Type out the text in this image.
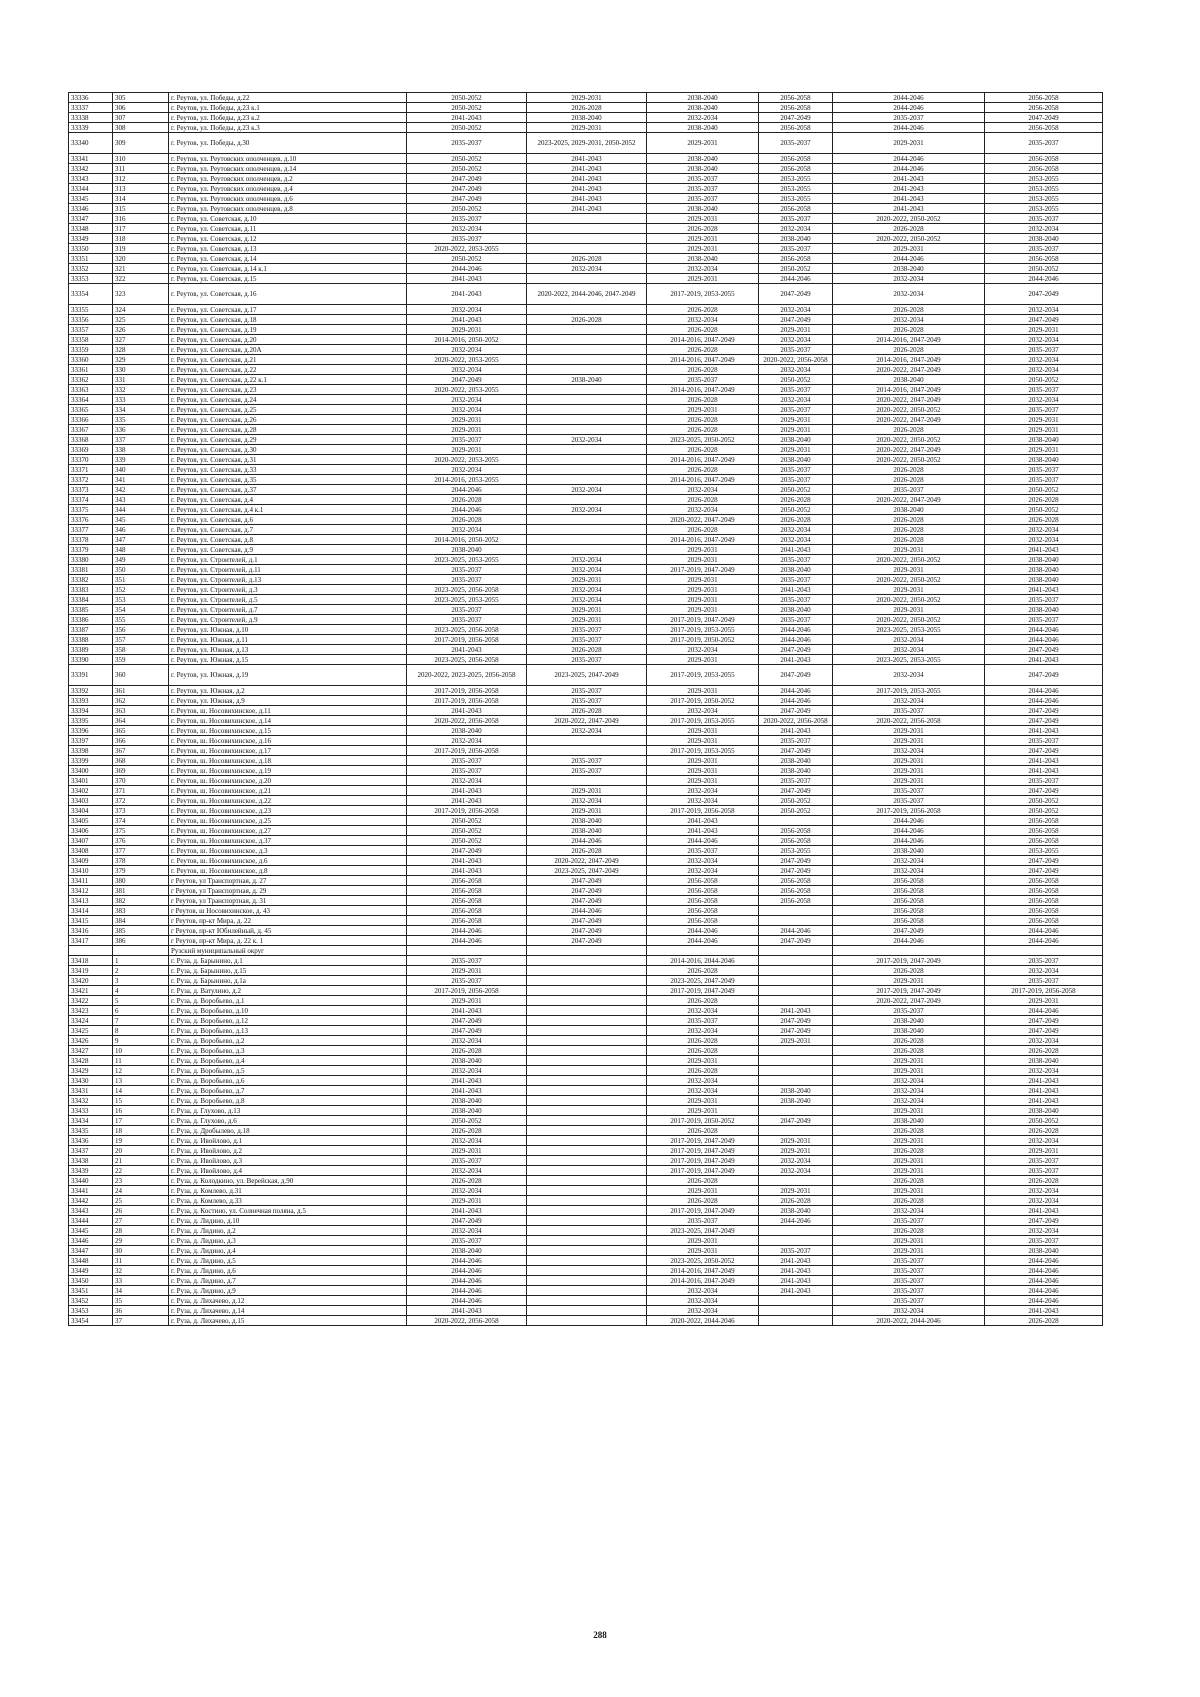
33336	305	г. Реутов, ул. Победы, д.22	2050-2052	2029-2031	2038-2040	2056-2058	2044-2046	2056-2058
33337	306	г. Реутов, ул. Победы, д.23 к.1	2050-2052	2026-2028	2038-2040	2056-2058	2044-2046	2056-2058
33338	307	г. Реутов, ул. Победы, д.23 к.2	2041-2043	2038-2040	2032-2034	2047-2049	2035-2037	2047-2049
33339	308	г. Реутов, ул. Победы, д.23 к.3	2050-2052	2029-2031	2038-2040	2056-2058	2044-2046	2056-2058
33340	309	г. Реутов, ул. Победы, д.30	2035-2037	2023-2025, 2029-2031, 2050-2052	2029-2031	2035-2037	2029-2031	2035-2037
33341	310	г. Реутов, ул. Реутовских ополченцев, д.10	2050-2052	2041-2043	2038-2040	2056-2058	2044-2046	2056-2058
33342	311	г. Реутов, ул. Реутовских ополченцев, д.14	2050-2052	2041-2043	2038-2040	2056-2058	2044-2046	2056-2058
33343	312	г. Реутов, ул. Реутовских ополченцев, д.2	2047-2049	2041-2043	2035-2037	2053-2055	2041-2043	2053-2055
33344	313	г. Реутов, ул. Реутовских ополченцев, д.4	2047-2049	2041-2043	2035-2037	2053-2055	2041-2043	2053-2055
33345	314	г. Реутов, ул. Реутовских ополченцев, д.6	2047-2049	2041-2043	2035-2037	2053-2055	2041-2043	2053-2055
33346	315	г. Реутов, ул. Реутовских ополченцев, д.8	2050-2052	2041-2043	2038-2040	2056-2058	2041-2043	2053-2055
33347	316	г. Реутов, ул. Советская, д.10	2035-2037		2029-2031	2035-2037	2020-2022, 2050-2052	2035-2037
33348	317	г. Реутов, ул. Советская, д.11	2032-2034		2026-2028	2032-2034	2026-2028	2032-2034
33349	318	г. Реутов, ул. Советская, д.12	2035-2037		2029-2031	2038-2040	2020-2022, 2050-2052	2038-2040
33350	319	г. Реутов, ул. Советская, д.13	2020-2022, 2053-2055		2029-2031	2035-2037	2029-2031	2035-2037
33351	320	г. Реутов, ул. Советская, д.14	2050-2052	2026-2028	2038-2040	2056-2058	2044-2046	2056-2058
33352	321	г. Реутов, ул. Советская, д.14 к.1	2044-2046	2032-2034	2032-2034	2050-2052	2038-2040	2050-2052
33353	322	г. Реутов, ул. Советская, д.15	2041-2043		2029-2031	2044-2046	2032-2034	2044-2046
33354	323	г. Реутов, ул. Советская, д.16	2041-2043	2020-2022, 2044-2046, 2047-2049	2017-2019, 2053-2055	2047-2049	2032-2034	2047-2049
33355	324	г. Реутов, ул. Советская, д.17	2032-2034		2026-2028	2032-2034	2026-2028	2032-2034
33356	325	г. Реутов, ул. Советская, д.18	2041-2043	2026-2028	2032-2034	2047-2049	2032-2034	2047-2049
33357	326	г. Реутов, ул. Советская, д.19	2029-2031		2026-2028	2029-2031	2026-2028	2029-2031
33358	327	г. Реутов, ул. Советская, д.20	2014-2016, 2050-2052		2014-2016, 2047-2049	2032-2034	2014-2016, 2047-2049	2032-2034
33359	328	г. Реутов, ул. Советская, д.20А	2032-2034		2026-2028	2035-2037	2026-2028	2035-2037
33360	329	г. Реутов, ул. Советская, д.21	2020-2022, 2053-2055		2014-2016, 2047-2049	2020-2022, 2056-2058	2014-2016, 2047-2049	2032-2034
33361	330	г. Реутов, ул. Советская, д.22	2032-2034		2026-2028	2032-2034	2020-2022, 2047-2049	2032-2034
33362	331	г. Реутов, ул. Советская, д.22 к.1	2047-2049	2038-2040	2035-2037	2050-2052	2038-2040	2050-2052
33363	332	г. Реутов, ул. Советская, д.23	2020-2022, 2053-2055		2014-2016, 2047-2049	2035-2037	2014-2016, 2047-2049	2035-2037
33364	333	г. Реутов, ул. Советская, д.24	2032-2034		2026-2028	2032-2034	2020-2022, 2047-2049	2032-2034
33365	334	г. Реутов, ул. Советская, д.25	2032-2034		2029-2031	2035-2037	2020-2022, 2050-2052	2035-2037
33366	335	г. Реутов, ул. Советская, д.26	2029-2031		2026-2028	2029-2031	2020-2022, 2047-2049	2029-2031
33367	336	г. Реутов, ул. Советская, д.28	2029-2031		2026-2028	2029-2031	2026-2028	2029-2031
33368	337	г. Реутов, ул. Советская, д.29	2035-2037	2032-2034	2023-2025, 2050-2052	2038-2040	2020-2022, 2050-2052	2038-2040
33369	338	г. Реутов, ул. Советская, д.30	2029-2031		2026-2028	2029-2031	2020-2022, 2047-2049	2029-2031
33370	339	г. Реутов, ул. Советская, д.31	2020-2022, 2053-2055		2014-2016, 2047-2049	2038-2040	2020-2022, 2050-2052	2038-2040
33371	340	г. Реутов, ул. Советская, д.33	2032-2034		2026-2028	2035-2037	2026-2028	2035-2037
33372	341	г. Реутов, ул. Советская, д.35	2014-2016, 2053-2055		2014-2016, 2047-2049	2035-2037	2026-2028	2035-2037
33373	342	г. Реутов, ул. Советская, д.37	2044-2046	2032-2034	2032-2034	2050-2052	2035-2037	2050-2052
33374	343	г. Реутов, ул. Советская, д.4	2026-2028		2026-2028	2026-2028	2020-2022, 2047-2049	2026-2028
33375	344	г. Реутов, ул. Советская, д.4 к.1	2044-2046	2032-2034	2032-2034	2050-2052	2038-2040	2050-2052
33376	345	г. Реутов, ул. Советская, д.6	2026-2028		2020-2022, 2047-2049	2026-2028	2026-2028	2026-2028
33377	346	г. Реутов, ул. Советская, д.7	2032-2034		2026-2028	2032-2034	2026-2028	2032-2034
33378	347	г. Реутов, ул. Советская, д.8	2014-2016, 2050-2052		2014-2016, 2047-2049	2032-2034	2026-2028	2032-2034
33379	348	г. Реутов, ул. Советская, д.9	2038-2040		2029-2031	2041-2043	2029-2031	2041-2043
33380	349	г. Реутов, ул. Строителей, д.1	2023-2025, 2053-2055	2032-2034	2029-2031	2035-2037	2020-2022, 2050-2052	2038-2040
33381	350	г. Реутов, ул. Строителей, д.11	2035-2037	2032-2034	2017-2019, 2047-2049	2038-2040	2029-2031	2038-2040
33382	351	г. Реутов, ул. Строителей, д.13	2035-2037	2029-2031	2029-2031	2035-2037	2020-2022, 2050-2052	2038-2040
33383	352	г. Реутов, ул. Строителей, д.3	2023-2025, 2056-2058	2032-2034	2029-2031	2041-2043	2029-2031	2041-2043
33384	353	г. Реутов, ул. Строителей, д.5	2023-2025, 2053-2055	2032-2034	2029-2031	2035-2037	2020-2022, 2050-2052	2035-2037
33385	354	г. Реутов, ул. Строителей, д.7	2035-2037	2029-2031	2029-2031	2038-2040	2029-2031	2038-2040
33386	355	г. Реутов, ул. Строителей, д.9	2035-2037	2029-2031	2017-2019, 2047-2049	2035-2037	2020-2022, 2050-2052	2035-2037
33387	356	г. Реутов, ул. Южная, д.10	2023-2025, 2056-2058	2035-2037	2017-2019, 2053-2055	2044-2046	2023-2025, 2053-2055	2044-2046
33388	357	г. Реутов, ул. Южная, д.11	2017-2019, 2056-2058	2035-2037	2017-2019, 2050-2052	2044-2046	2032-2034	2044-2046
33389	358	г. Реутов, ул. Южная, д.13	2041-2043	2026-2028	2032-2034	2047-2049	2032-2034	2047-2049
33390	359	г. Реутов, ул. Южная, д.15	2023-2025, 2056-2058	2035-2037	2029-2031	2041-2043	2023-2025, 2053-2055	2041-2043
33391	360	г. Реутов, ул. Южная, д.19	2020-2022, 2023-2025, 2056-2058	2023-2025, 2047-2049	2017-2019, 2053-2055	2047-2049	2032-2034	2047-2049
33392	361	г. Реутов, ул. Южная, д.2	2017-2019, 2056-2058	2035-2037	2029-2031	2044-2046	2017-2019, 2053-2055	2044-2046
33393	362	г. Реутов, ул. Южная, д.9	2017-2019, 2056-2058	2035-2037	2017-2019, 2050-2052	2044-2046	2032-2034	2044-2046
33394	363	г. Реутов, ш. Носовихинское, д.11	2041-2043	2026-2028	2032-2034	2047-2049	2035-2037	2047-2049
33395	364	г. Реутов, ш. Носовихинское, д.14	2020-2022, 2056-2058	2020-2022, 2047-2049	2017-2019, 2053-2055	2020-2022, 2056-2058	2020-2022, 2056-2058	2047-2049
33396	365	г. Реутов, ш. Носовихинское, д.15	2038-2040	2032-2034	2029-2031	2041-2043	2029-2031	2041-2043
33397	366	г. Реутов, ш. Носовихинское, д.16	2032-2034		2029-2031	2035-2037	2029-2031	2035-2037
33398	367	г. Реутов, ш. Носовихинское, д.17	2017-2019, 2056-2058		2017-2019, 2053-2055	2047-2049	2032-2034	2047-2049
33399	368	г. Реутов, ш. Носовихинское, д.18	2035-2037	2035-2037	2029-2031	2038-2040	2029-2031	2041-2043
33400	369	г. Реутов, ш. Носовихинское, д.19	2035-2037	2035-2037	2029-2031	2038-2040	2029-2031	2041-2043
33401	370	г. Реутов, ш. Носовихинское, д.20	2032-2034		2029-2031	2035-2037	2029-2031	2035-2037
33402	371	г. Реутов, ш. Носовихинское, д.21	2041-2043	2029-2031	2032-2034	2047-2049	2035-2037	2047-2049
33403	372	г. Реутов, ш. Носовихинское, д.22	2041-2043	2032-2034	2032-2034	2050-2052	2035-2037	2050-2052
33404	373	г. Реутов, ш. Носовихинское, д.23	2017-2019, 2056-2058	2029-2031	2017-2019, 2056-2058	2050-2052	2017-2019, 2056-2058	2050-2052
33405	374	г. Реутов, ш. Носовихинское, д.25	2050-2052	2038-2040	2041-2043		2044-2046	2056-2058
33406	375	г. Реутов, ш. Носовихинское, д.27	2050-2052	2038-2040	2041-2043	2056-2058	2044-2046	2056-2058
33407	376	г. Реутов, ш. Носовихинское, д.37	2050-2052	2044-2046	2044-2046	2056-2058	2044-2046	2056-2058
33408	377	г. Реутов, ш. Носовихинское, д.3	2047-2049	2026-2028	2035-2037	2053-2055	2038-2040	2053-2055
33409	378	г. Реутов, ш. Носовихинское, д.6	2041-2043	2020-2022, 2047-2049	2032-2034	2047-2049	2032-2034	2047-2049
33410	379	г. Реутов, ш. Носовихинское, д.8	2041-2043	2023-2025, 2047-2049	2032-2034	2047-2049	2032-2034	2047-2049
33411	380	г Реутов, ул Транспортная, д. 27	2056-2058	2047-2049	2056-2058	2056-2058	2056-2058	2056-2058
33412	381	г Реутов, ул Транспортная, д. 29	2056-2058	2047-2049	2056-2058	2056-2058	2056-2058	2056-2058
33413	382	г Реутов, ул Транспортная, д. 31	2056-2058	2047-2049	2056-2058	2056-2058	2056-2058	2056-2058
33414	383	г Реутов, ш Носовихинское, д. 43	2056-2058	2044-2046	2056-2058		2056-2058	2056-2058
33415	384	г Реутов, пр-кт Мира, д. 22	2056-2058	2047-2049	2056-2058		2056-2058	2056-2058
33416	385	г Реутов, пр-кт Юбилейный, д. 45	2044-2046	2047-2049	2044-2046	2044-2046	2047-2049	2044-2046
33417	386	г Реутов, пр-кт Мира, д. 22 к. 1	2044-2046	2047-2049	2044-2046	2047-2049	2044-2046	2044-2046
		Рузский муниципальный округ						
33418	1	г. Руза, д. Барынино, д.1	2035-2037		2014-2016, 2044-2046		2017-2019, 2047-2049	2035-2037
33419	2	г. Руза, д. Барынино, д.15	2029-2031		2026-2028		2026-2028	2032-2034
33420	3	г. Руза, д. Барынино, д.1а	2035-2037		2023-2025, 2047-2049		2029-2031	2035-2037
33421	4	г. Руза, д. Ватулино, д.2	2017-2019, 2056-2058		2017-2019, 2047-2049		2017-2019, 2047-2049	2017-2019, 2056-2058
33422	5	г. Руза, д. Воробьево, д.1	2029-2031		2026-2028		2020-2022, 2047-2049	2029-2031
33423	6	г. Руза, д. Воробьево, д.10	2041-2043		2032-2034	2041-2043	2035-2037	2044-2046
33424	7	г. Руза, д. Воробьево, д.12	2047-2049		2035-2037	2047-2049	2038-2040	2047-2049
33425	8	г. Руза, д. Воробьево, д.13	2047-2049		2032-2034	2047-2049	2038-2040	2047-2049
33426	9	г. Руза, д. Воробьево, д.2	2032-2034		2026-2028	2029-2031	2026-2028	2032-2034
33427	10	г. Руза, д. Воробьево, д.3	2026-2028		2026-2028		2026-2028	2026-2028
33428	11	г. Руза, д. Воробьево, д.4	2038-2040		2029-2031		2029-2031	2038-2040
33429	12	г. Руза, д. Воробьево, д.5	2032-2034		2026-2028		2029-2031	2032-2034
33430	13	г. Руза, д. Воробьево, д.6	2041-2043		2032-2034		2032-2034	2041-2043
33431	14	г. Руза, д. Воробьево, д.7	2041-2043		2032-2034	2038-2040	2032-2034	2041-2043
33432	15	г. Руза, д. Воробьево, д.8	2038-2040		2029-2031	2038-2040	2032-2034	2041-2043
33433	16	г. Руза, д. Глухово, д.13	2038-2040		2029-2031		2029-2031	2038-2040
33434	17	г. Руза, д. Глухово, д.6	2050-2052		2017-2019, 2050-2052	2047-2049	2038-2040	2050-2052
33435	18	г. Руза, д. Дробылево, д.18	2026-2028		2026-2028		2026-2028	2026-2028
33436	19	г. Руза, д. Ивойлово, д.1	2032-2034		2017-2019, 2047-2049	2029-2031	2029-2031	2032-2034
33437	20	г. Руза, д. Ивойлово, д.2	2029-2031		2017-2019, 2047-2049	2029-2031	2026-2028	2029-2031
33438	21	г. Руза, д. Ивойлово, д.3	2035-2037		2017-2019, 2047-2049	2032-2034	2029-2031	2035-2037
33439	22	г. Руза, д. Ивойлово, д.4	2032-2034		2017-2019, 2047-2049	2032-2034	2029-2031	2035-2037
33440	23	г. Руза, д. Колодкино, ул. Верейская, д.90	2026-2028		2026-2028		2026-2028	2026-2028
33441	24	г. Руза, д. Комлево, д.31	2032-2034		2029-2031	2029-2031	2029-2031	2032-2034
33442	25	г. Руза, д. Комлево, д.33	2029-2031		2026-2028	2026-2028	2026-2028	2032-2034
33443	26	г. Руза, д. Костино, ул. Солнечная поляна, д.5	2041-2043		2017-2019, 2047-2049	2038-2040	2032-2034	2041-2043
33444	27	г. Руза, д. Лидино, д.10	2047-2049		2035-2037	2044-2046	2035-2037	2047-2049
33445	28	г. Руза, д. Лидино, д.2	2032-2034		2023-2025, 2047-2049		2026-2028	2032-2034
33446	29	г. Руза, д. Лидино, д.3	2035-2037		2029-2031		2029-2031	2035-2037
33447	30	г. Руза, д. Лидино, д.4	2038-2040		2029-2031	2035-2037	2029-2031	2038-2040
33448	31	г. Руза, д. Лидино, д.5	2044-2046		2023-2025, 2050-2052	2041-2043	2035-2037	2044-2046
33449	32	г. Руза, д. Лидино, д.6	2044-2046		2014-2016, 2047-2049	2041-2043	2035-2037	2044-2046
33450	33	г. Руза, д. Лидино, д.7	2044-2046		2014-2016, 2047-2049	2041-2043	2035-2037	2044-2046
33451	34	г. Руза, д. Лидино, д.9	2044-2046		2032-2034	2041-2043	2035-2037	2044-2046
33452	35	г. Руза, д. Лихачево, д.12	2044-2046		2032-2034		2035-2037	2044-2046
33453	36	г. Руза, д. Лихачево, д.14	2041-2043		2032-2034		2032-2034	2041-2043
33454	37	г. Руза, д. Лихачево, д.15	2020-2022, 2056-2058		2020-2022, 2044-2046		2020-2022, 2044-2046	2026-2028
288
